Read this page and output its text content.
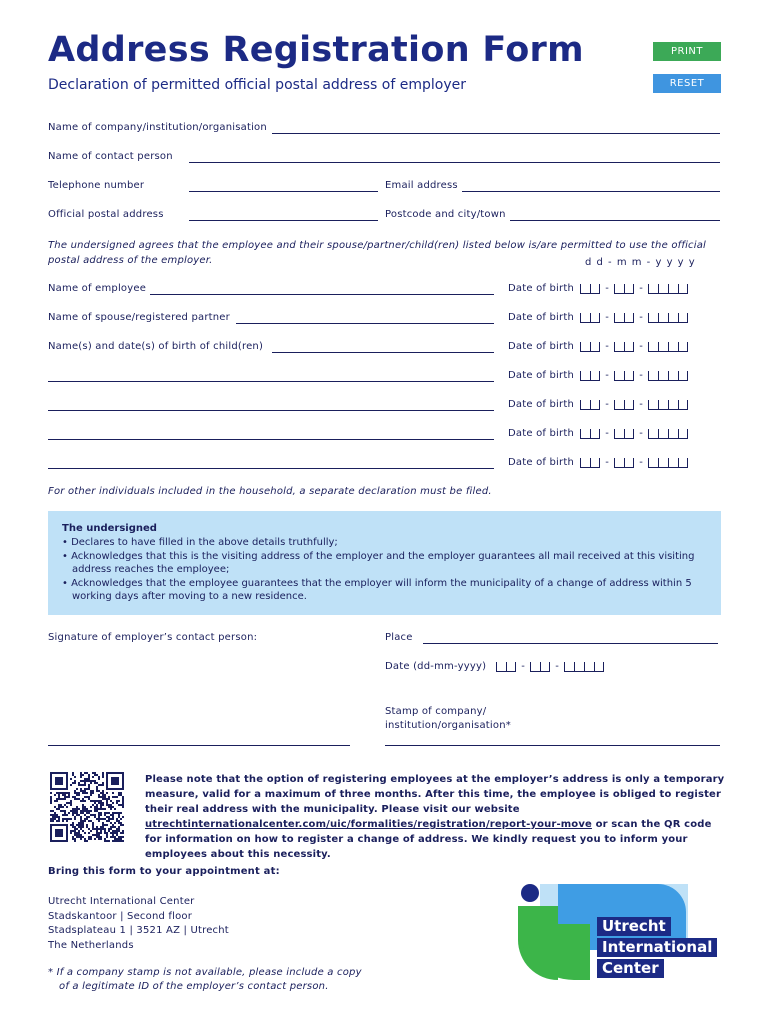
Address Registration Form
Declaration of permitted official postal address of employer
PRINT
RESET
Name of company/institution/organisation
Name of contact person
Telephone number	Email address
Official postal address	Postcode and city/town
The undersigned agrees that the employee and their spouse/partner/child(ren) listed below is/are permitted to use the official postal address of the employer.	d d - m m - y y y y
Name of employee	Date of birth	-	-
Name of spouse/registered partner	Date of birth	-	-
Name(s) and date(s) of birth of child(ren)	Date of birth	-	-
Date of birth	-	-
Date of birth	-	-
Date of birth	-	-
Date of birth	-	-
For other individuals included in the household, a separate declaration must be filed.
The undersigned
• Declares to have filled in the above details truthfully;
• Acknowledges that this is the visiting address of the employer and the employer guarantees all mail received at this visiting address reaches the employee;
• Acknowledges that the employee guarantees that the employer will inform the municipality of a change of address within 5 working days after moving to a new residence.
Signature of employer’s contact person:	Place
Date (dd-mm-yyyy)	-	-
Stamp of company/
institution/organisation*
Please note that the option of registering employees at the employer’s address is only a temporary measure, valid for a maximum of three months. After this time, the employee is obliged to register their real address with the municipality. Please visit our website utrechtinternationalcenter.com/uic/formalities/registration/report-your-move or scan the QR code for information on how to register a change of address. We kindly request you to inform your employees about this necessity.
Bring this form to your appointment at:
Utrecht International Center
Stadskantoor | Second floor
Stadsplateau 1 | 3521 AZ | Utrecht
The Netherlands
* If a company stamp is not available, please include a copy
of a legitimate ID of the employer’s contact person.
Utrecht
International
Center
